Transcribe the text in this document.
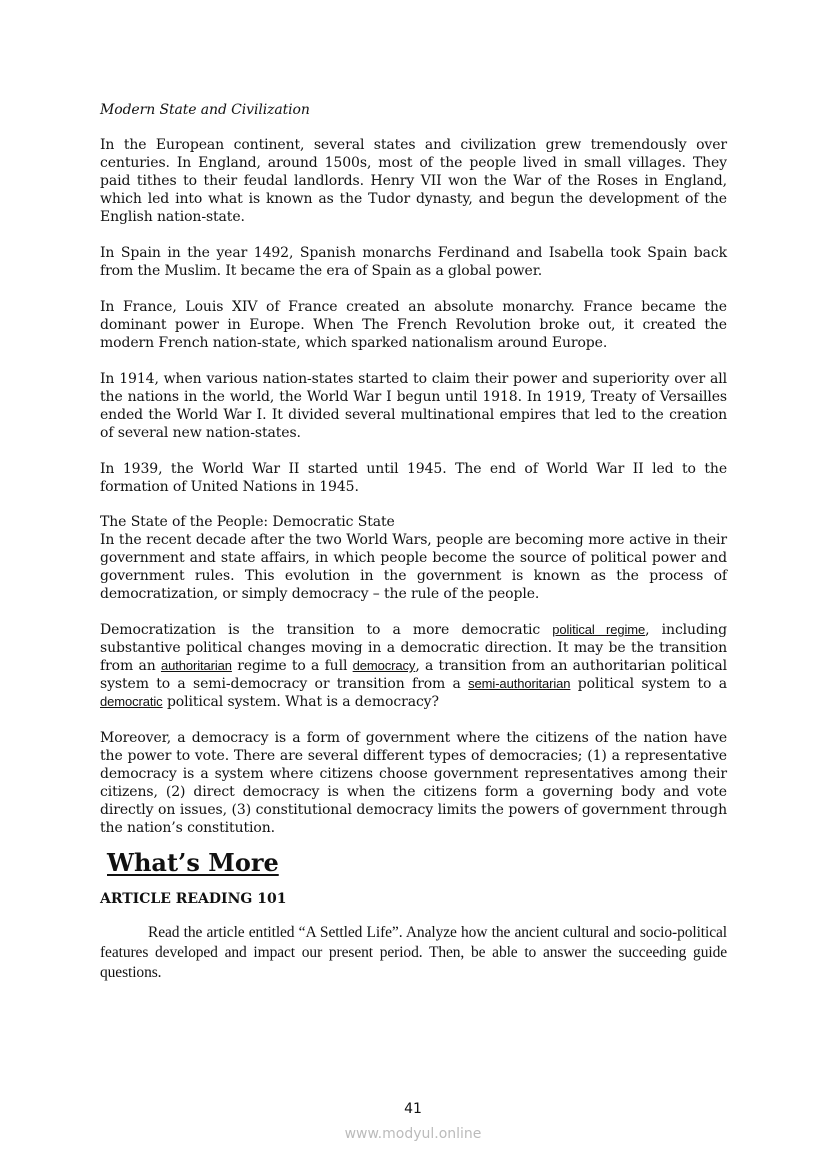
Modern State and Civilization

In the European continent, several states and civilization grew tremendously over centuries. In England, around 1500s, most of the people lived in small villages. They paid tithes to their feudal landlords. Henry VII won the War of the Roses in England, which led into what is known as the Tudor dynasty, and begun the development of the English nation-state.

In Spain in the year 1492, Spanish monarchs Ferdinand and Isabella took Spain back from the Muslim. It became the era of Spain as a global power.

In France, Louis XIV of France created an absolute monarchy. France became the dominant power in Europe. When The French Revolution broke out, it created the modern French nation-state, which sparked nationalism around Europe.

In 1914, when various nation-states started to claim their power and superiority over all the nations in the world, the World War I begun until 1918. In 1919, Treaty of Versailles ended the World War I. It divided several multinational empires that led to the creation of several new nation-states.

In 1939, the World War II started until 1945. The end of World War II led to the formation of United Nations in 1945.

The State of the People: Democratic State
In the recent decade after the two World Wars, people are becoming more active in their government and state affairs, in which people become the source of political power and government rules. This evolution in the government is known as the process of democratization, or simply democracy – the rule of the people.

Democratization is the transition to a more democratic political regime, including substantive political changes moving in a democratic direction. It may be the transition from an authoritarian regime to a full democracy, a transition from an authoritarian political system to a semi-democracy or transition from a semi-authoritarian political system to a democratic political system. What is a democracy?

Moreover, a democracy is a form of government where the citizens of the nation have the power to vote. There are several different types of democracies; (1) a representative democracy is a system where citizens choose government representatives among their citizens, (2) direct democracy is when the citizens form a governing body and vote directly on issues, (3) constitutional democracy limits the powers of government through the nation’s constitution.

What’s More
ARTICLE READING 101

Read the article entitled “A Settled Life”. Analyze how the ancient cultural and socio-political features developed and impact our present period. Then, be able to answer the succeeding guide questions.

41
www.modyul.online
